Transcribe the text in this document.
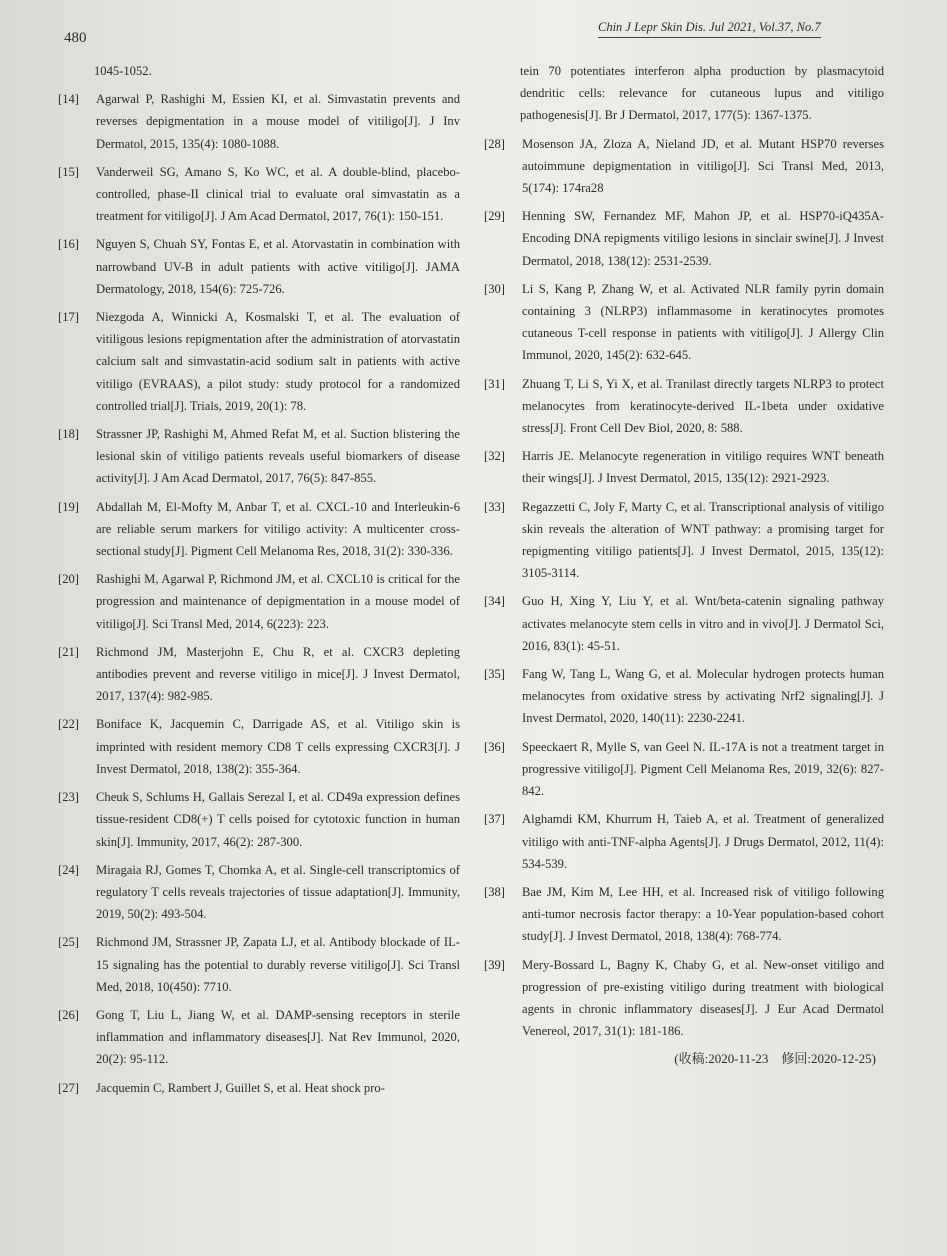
480
Chin J Lepr Skin Dis. Jul 2021, Vol.37, No.7

1045-1052.

[14] Agarwal P, Rashighi M, Essien KI, et al. Simvastatin prevents and reverses depigmentation in a mouse model of vitiligo[J]. J Inv Dermatol, 2015, 135(4): 1080-1088.

[15] Vanderweil SG, Amano S, Ko WC, et al. A double-blind, placebo-controlled, phase-II clinical trial to evaluate oral simvastatin as a treatment for vitiligo[J]. J Am Acad Dermatol, 2017, 76(1): 150-151.

[16] Nguyen S, Chuah SY, Fontas E, et al. Atorvastatin in combination with narrowband UV-B in adult patients with active vitiligo[J]. JAMA Dermatology, 2018, 154(6): 725-726.

[17] Niezgoda A, Winnicki A, Kosmalski T, et al. The evaluation of vitiligous lesions repigmentation after the administration of atorvastatin calcium salt and simvastatin-acid sodium salt in patients with active vitiligo (EVRAAS), a pilot study: study protocol for a randomized controlled trial[J]. Trials, 2019, 20(1): 78.

[18] Strassner JP, Rashighi M, Ahmed Refat M, et al. Suction blistering the lesional skin of vitiligo patients reveals useful biomarkers of disease activity[J]. J Am Acad Dermatol, 2017, 76(5): 847-855.

[19] Abdallah M, El-Mofty M, Anbar T, et al. CXCL-10 and Interleukin-6 are reliable serum markers for vitiligo activity: A multicenter cross-sectional study[J]. Pigment Cell Melanoma Res, 2018, 31(2): 330-336.

[20] Rashighi M, Agarwal P, Richmond JM, et al. CXCL10 is critical for the progression and maintenance of depigmentation in a mouse model of vitiligo[J]. Sci Transl Med, 2014, 6(223): 223.

[21] Richmond JM, Masterjohn E, Chu R, et al. CXCR3 depleting antibodies prevent and reverse vitiligo in mice[J]. J Invest Dermatol, 2017, 137(4): 982-985.

[22] Boniface K, Jacquemin C, Darrigade AS, et al. Vitiligo skin is imprinted with resident memory CD8 T cells expressing CXCR3[J]. J Invest Dermatol, 2018, 138(2): 355-364.

[23] Cheuk S, Schlums H, Gallais Serezal I, et al. CD49a expression defines tissue-resident CD8(+) T cells poised for cytotoxic function in human skin[J]. Immunity, 2017, 46(2): 287-300.

[24] Miragaia RJ, Gomes T, Chomka A, et al. Single-cell transcriptomics of regulatory T cells reveals trajectories of tissue adaptation[J]. Immunity, 2019, 50(2): 493-504.

[25] Richmond JM, Strassner JP, Zapata LJ, et al. Antibody blockade of IL-15 signaling has the potential to durably reverse vitiligo[J]. Sci Transl Med, 2018, 10(450): 7710.

[26] Gong T, Liu L, Jiang W, et al. DAMP-sensing receptors in sterile inflammation and inflammatory diseases[J]. Nat Rev Immunol, 2020, 20(2): 95-112.

[27] Jacquemin C, Rambert J, Guillet S, et al. Heat shock pro-

tein 70 potentiates interferon alpha production by plasmacytoid dendritic cells: relevance for cutaneous lupus and vitiligo pathogenesis[J]. Br J Dermatol, 2017, 177(5): 1367-1375.

[28] Mosenson JA, Zloza A, Nieland JD, et al. Mutant HSP70 reverses autoimmune depigmentation in vitiligo[J]. Sci Transl Med, 2013, 5(174): 174ra28

[29] Henning SW, Fernandez MF, Mahon JP, et al. HSP70-iQ435A-Encoding DNA repigments vitiligo lesions in sinclair swine[J]. J Invest Dermatol, 2018, 138(12): 2531-2539.

[30] Li S, Kang P, Zhang W, et al. Activated NLR family pyrin domain containing 3 (NLRP3) inflammasome in keratinocytes promotes cutaneous T-cell response in patients with vitiligo[J]. J Allergy Clin Immunol, 2020, 145(2): 632-645.

[31] Zhuang T, Li S, Yi X, et al. Tranilast directly targets NLRP3 to protect melanocytes from keratinocyte-derived IL-1beta under oxidative stress[J]. Front Cell Dev Biol, 2020, 8: 588.

[32] Harris JE. Melanocyte regeneration in vitiligo requires WNT beneath their wings[J]. J Invest Dermatol, 2015, 135(12): 2921-2923.

[33] Regazzetti C, Joly F, Marty C, et al. Transcriptional analysis of vitiligo skin reveals the alteration of WNT pathway: a promising target for repigmenting vitiligo patients[J]. J Invest Dermatol, 2015, 135(12): 3105-3114.

[34] Guo H, Xing Y, Liu Y, et al. Wnt/beta-catenin signaling pathway activates melanocyte stem cells in vitro and in vivo[J]. J Dermatol Sci, 2016, 83(1): 45-51.

[35] Fang W, Tang L, Wang G, et al. Molecular hydrogen protects human melanocytes from oxidative stress by activating Nrf2 signaling[J]. J Invest Dermatol, 2020, 140(11): 2230-2241.

[36] Speeckaert R, Mylle S, van Geel N. IL-17A is not a treatment target in progressive vitiligo[J]. Pigment Cell Melanoma Res, 2019, 32(6): 827-842.

[37] Alghamdi KM, Khurrum H, Taieb A, et al. Treatment of generalized vitiligo with anti-TNF-alpha Agents[J]. J Drugs Dermatol, 2012, 11(4): 534-539.

[38] Bae JM, Kim M, Lee HH, et al. Increased risk of vitiligo following anti-tumor necrosis factor therapy: a 10-Year population-based cohort study[J]. J Invest Dermatol, 2018, 138(4): 768-774.

[39] Mery-Bossard L, Bagny K, Chaby G, et al. New-onset vitiligo and progression of pre-existing vitiligo during treatment with biological agents in chronic inflammatory diseases[J]. J Eur Acad Dermatol Venereol, 2017, 31(1): 181-186.

(收稿:2020-11-23　修回:2020-12-25)
